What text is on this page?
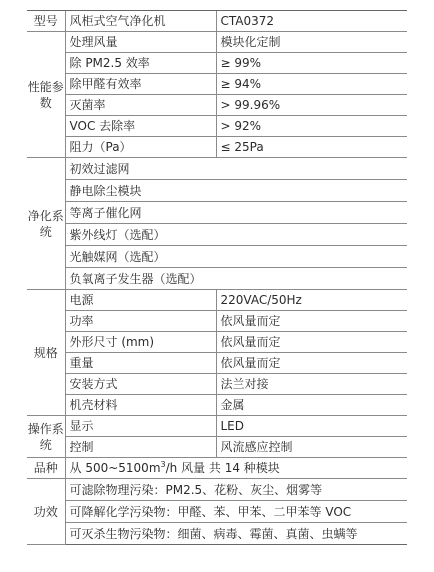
型号	风柜式空气净化机	CTA0372
性能参数	处理风量	模块化定制
	除 PM2.5 效率	≥ 99%
	除甲醛有效率	≥ 94%
	灭菌率	> 99.96%
	VOC 去除率	> 92%
	阻力（Pa）	≤ 25Pa
净化系统	初效过滤网	
	静电除尘模块	
	等离子催化网	
	紫外线灯（选配）	
	光触媒网（选配）	
	负氧离子发生器（选配）	
规格	电源	220VAC/50Hz
	功率	依风量而定
	外形尺寸 (mm)	依风量而定
	重量	依风量而定
	安装方式	法兰对接
	机壳材料	金属
操作系统	显示	LED
	控制	风流感应控制
品种	从 $500\sim 5100m^3/h$ 风量 共 14 种模块	
功效	可滤除物理污染：PM2.5、花粉、灰尘、烟雾等	
	可降解化学污染物：甲醛、苯、甲苯、二甲苯等 VOC	
	可灭杀生物污染物：细菌、病毒、霉菌、真菌、虫螨等	
